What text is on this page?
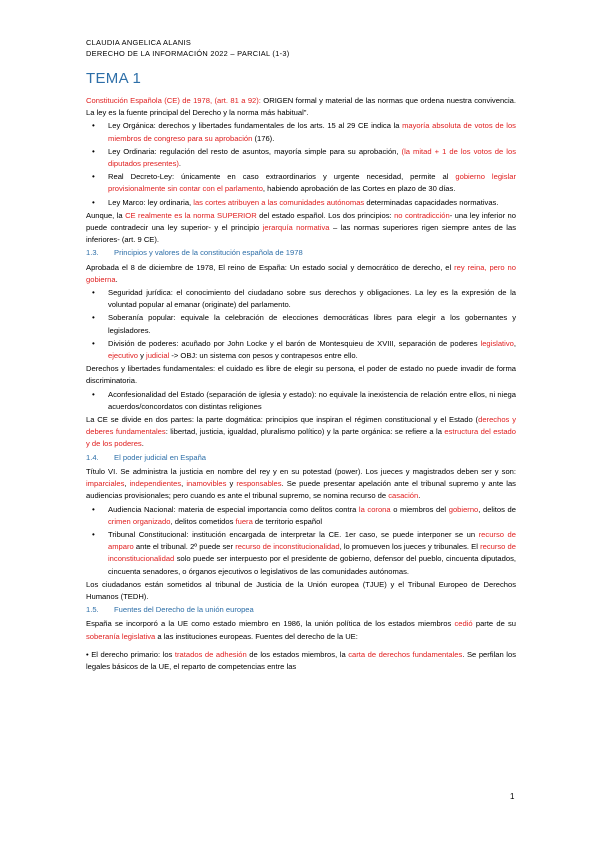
CLAUDIA ANGELICA ALANIS
DERECHO DE LA INFORMACIÓN 2022 – PARCIAL (1-3)
TEMA 1

Constitución Española (CE) de 1978, (art. 81 a 92): ORIGEN formal y material de las normas que ordena nuestra convivencia. La ley es la fuente principal del Derecho y la norma más habitual".

• Ley Orgánica: derechos y libertades fundamentales de los arts. 15 al 29 CE indica la mayoría absoluta de votos de los miembros de congreso para su aprobación (176).
• Ley Ordinaria: regulación del resto de asuntos, mayoría simple para su aprobación, (la mitad + 1 de los votos de los diputados presentes).
• Real Decreto-Ley: únicamente en caso extraordinarios y urgente necesidad, permite al gobierno legislar provisionalmente sin contar con el parlamento, habiendo aprobación de las Cortes en plazo de 30 días.
• Ley Marco: ley ordinaria, las cortes atribuyen a las comunidades autónomas determinadas capacidades normativas.

Aunque, la CE realmente es la norma SUPERIOR del estado español. Los dos principios: no contradicción- una ley inferior no puede contradecir una ley superior- y el principio jerarquía normativa – las normas superiores rigen siempre antes de las inferiores- (art. 9 CE).

1.3. Principios y valores de la constitución española de 1978

Aprobada el 8 de diciembre de 1978, El reino de España: Un estado social y democrático de derecho, el rey reina, pero no gobierna.

• Seguridad jurídica: el conocimiento del ciudadano sobre sus derechos y obligaciones. La ley es la expresión de la voluntad popular al emanar (originate) del parlamento.
• Soberanía popular: equivale la celebración de elecciones democráticas libres para elegir a los gobernantes y legisladores.
• División de poderes: acuñado por John Locke y el barón de Montesquieu de XVIII, separación de poderes legislativo, ejecutivo y judicial -> OBJ: un sistema con pesos y contrapesos entre ello.

Derechos y libertades fundamentales: el cuidado es libre de elegir su persona, el poder de estado no puede invadir de forma discriminatoria.

• Aconfesionalidad del Estado (separación de iglesia y estado): no equivale la inexistencia de relación entre ellos, ni niega acuerdos/concordatos con distintas religiones

La CE se divide en dos partes: la parte dogmática: principios que inspiran el régimen constitucional y el Estado (derechos y deberes fundamentales: libertad, justicia, igualdad, pluralismo político) y la parte orgánica: se refiere a la estructura del estado y de los poderes.

1.4. El poder judicial en España

Título VI. Se administra la justicia en nombre del rey y en su potestad (power). Los jueces y magistrados deben ser y son: imparciales, independientes, inamovibles y responsables. Se puede presentar apelación ante el tribunal supremo y ante las audiencias provisionales; pero cuando es ante el tribunal supremo, se nomina recurso de casación.

• Audiencia Nacional: materia de especial importancia como delitos contra la corona o miembros del gobierno, delitos de crimen organizado, delitos cometidos fuera de territorio español
• Tribunal Constitucional: institución encargada de interpretar la CE. 1er caso, se puede interponer se un recurso de amparo ante el tribunal. 2º puede ser recurso de inconstitucionalidad, lo promueven los jueces y tribunales. El recurso de inconstitucionalidad solo puede ser interpuesto por el presidente de gobierno, defensor del pueblo, cincuenta diputados, cincuenta senadores, o órganos ejecutivos o legislativos de las comunidades autónomas.

Los ciudadanos están sometidos al tribunal de Justicia de la Unión europea (TJUE) y el Tribunal Europeo de Derechos Humanos (TEDH).

1.5. Fuentes del Derecho de la unión europea

España se incorporó a la UE como estado miembro en 1986, la unión política de los estados miembros cedió parte de su soberanía legislativa a las instituciones europeas. Fuentes del derecho de la UE:

• El derecho primario: los tratados de adhesión de los estados miembros, la carta de derechos fundamentales. Se perfilan los legales básicos de la UE, el reparto de competencias entre las

1
